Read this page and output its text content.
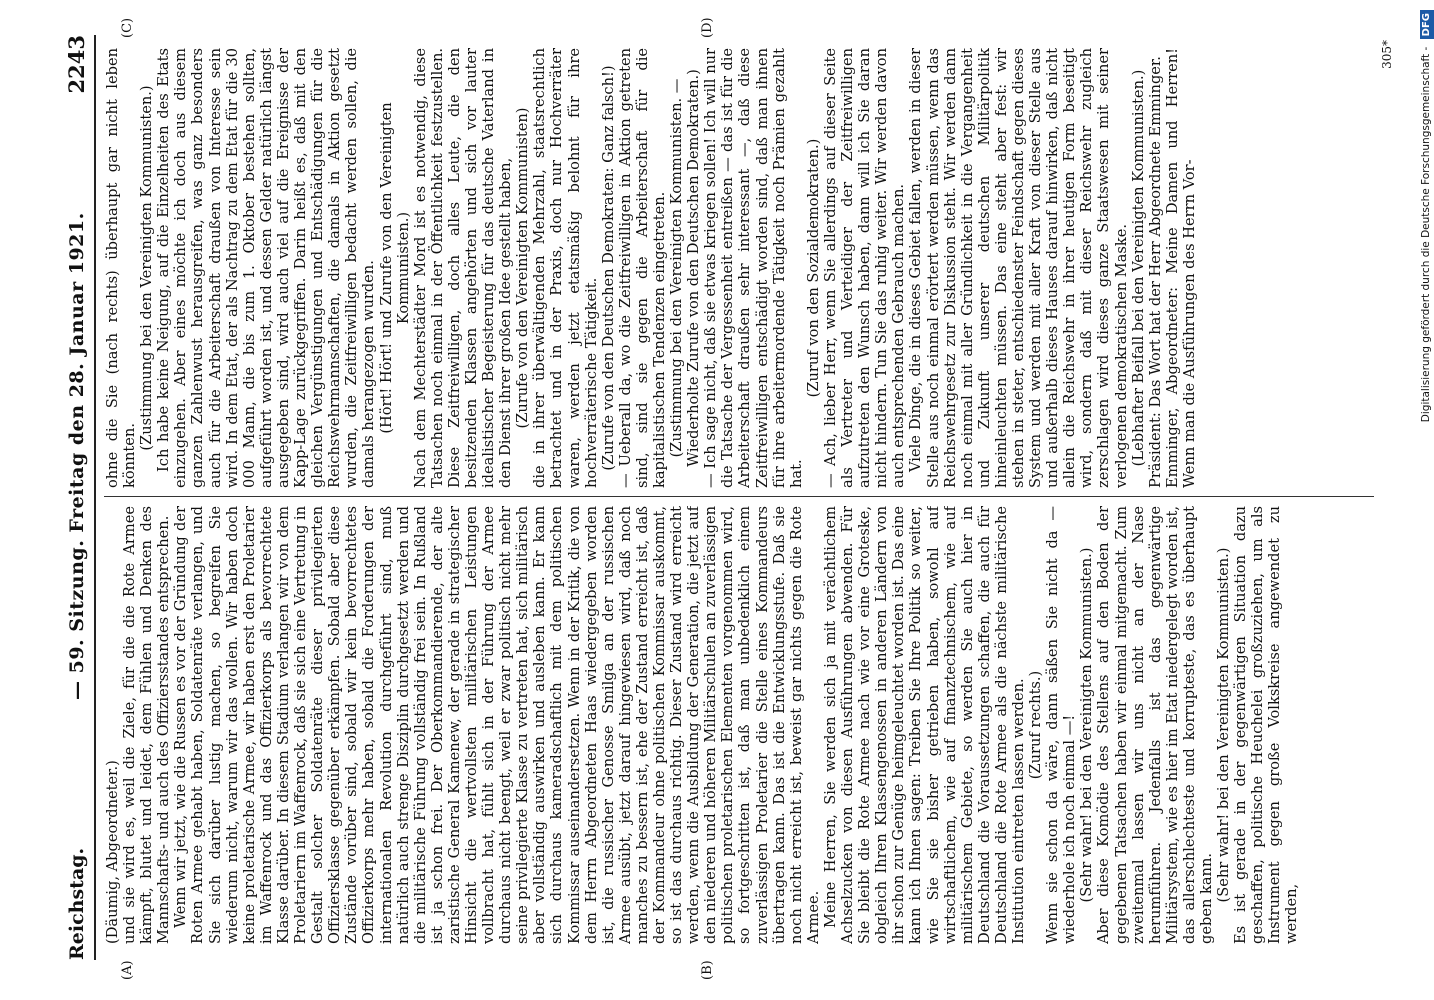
Reichstag.
— 59. Sitzung. Freitag den 28. Januar 1921.
2243
(A)	(B)
(C)	(D)

(Däumig, Abgeordneter.) und sie wird es, weil die Ziele, für die die Rote Armee kämpft, blutet und leidet, dem Fühlen und Denken des Mannschafts- und auch des Offiziersstandes entsprechen. Wenn wir jetzt, wie die Russen es vor der Gründung der Roten Armee gehabt haben, Soldatenräte verlangen, und Sie sich darüber lustig machen, so begreifen Sie wiederum nicht, warum wir das wollen. Wir haben doch keine proletarische Armee, wir haben erst den Proletarier im Waffenrock und das Offizierkorps als bevorrechtete Klasse darüber. In diesem Stadium verlangen wir von dem Proletariern im Waffenrock, daß sie sich eine Vertretung in Gestalt solcher Soldatenräte dieser privilegierten Offiziersklasse gegenüber erkämpfen. Sobald aber diese Zustände vorüber sind, sobald wir kein bevorrechtetes Offizierkorps mehr haben, sobald die Forderungen der internationalen Revolution durchgeführt sind, muß natürlich auch strenge Disziplin durchgesetzt werden und die militärische Führung vollständig frei sein. In Rußland ist ja schon frei. Der Oberkommandierende, der alte zaristische General Kamenew, der gerade in strategischer Hinsicht die wertvollsten militärischen Leistungen vollbracht hat, fühlt sich in der Führung der Armee durchaus nicht beengt, weil er zwar politisch nicht mehr seine privilegierte Klasse zu vertreten hat, sich militärisch aber vollständig auswirken und ausleben kann. Er kann sich durchaus kameradschaftlich mit dem politischen Kommissar auseinandersetzen. Wenn in der Kritik, die von dem Herrn Abgeordneten Haas wiedergegeben worden ist, die russischer Genosse Smilga an der russischen Armee ausübt, jetzt darauf hingewiesen wird, daß noch manches zu bessern ist, ehe der Zustand erreicht ist, daß der Kommandeur ohne politischen Kommissar auskommt, so ist das durchaus richtig. Dieser Zustand wird erreicht werden, wenn die Ausbildung der Generation, die jetzt auf den niederen und höheren Militärschulen an zuverlässigen politischen proletarischen Elementen vorgenommen wird, so fortgeschritten ist, daß man unbedenklich einem zuverlässigen Proletarier die Stelle eines Kommandeurs übertragen kann. Das ist die Entwicklungsstufe. Daß sie noch nicht erreicht ist, beweist gar nichts gegen die Rote Armee. Meine Herren, Sie werden sich ja mit verächtlichem Achselzucken von diesen Ausführungen abwenden. Für Sie bleibt die Rote Armee nach wie vor eine Groteske, obgleich Ihren Klassengenossen in anderen Ländern von ihr schon zur Genüge heimgeleuchtet worden ist. Das eine kann ich Ihnen sagen: Treiben Sie Ihre Politik so weiter, wie Sie sie bisher getrieben haben, sowohl auf wirtschaftlichem, wie auf finanztechnischem, wie auf militärischem Gebiete, so werden Sie auch hier in Deutschland die Voraussetzungen schaffen, die auch für Deutschland die Rote Armee als die nächste militärische Institution eintreten lassen werden. (Zuruf rechts.) Wenn sie schon da wäre, dann säßen Sie nicht da — wiederhole ich noch einmal —! (Sehr wahr! bei den Vereinigten Kommunisten.) Aber diese Komödie des Stellens auf den Boden der gegebenen Tatsachen haben wir einmal mitgemacht. Zum zweitenmal lassen wir uns nicht an der Nase herumführen. Jedenfalls ist das gegenwärtige Militärsystem, wie es hier im Etat niedergelegt worden ist, das allerschlechteste und korrupteste, das es überhaupt geben kann. (Sehr wahr! bei den Vereinigten Kommunisten.) Es ist gerade in der gegenwärtigen Situation dazu geschaffen, politische Heuchelei großzuziehen, um als Instrument gegen große Volkskreise angewendet zu werden,

ohne die Sie (nach rechts) überhaupt gar nicht leben könnten.

(Zustimmung bei den Vereinigten Kommunisten.) Ich habe keine Neigung, auf die Einzelheiten des Etats einzugehen. Aber eines möchte ich doch aus diesem ganzen Zahlenwust herausgreifen, was ganz besonders auch für die Arbeiterschaft draußen von Interesse sein wird. In dem Etat, der als Nachtrag zu dem Etat für die 30 000 Mann, die bis zum 1. Oktober bestehen sollten, aufgeführt worden ist, und dessen Gelder natürlich längst ausgegeben sind, wird auch viel auf die Ereignisse der Kapp-Lage zurückgegriffen. Darin heißt es, daß mit den gleichen Vergünstigungen und Entschädigungen für die Reichswehrmannschaften, die damals in Aktion gesetzt wurden, die Zeitfreiwilligen bedacht werden sollen, die damals herangezogen wurden. (Hört! Hört! und Zurufe von den Vereinigten Kommunisten.) Nach dem Mechterstädter Mord ist es notwendig, diese Tatsachen noch einmal in der Öffentlichkeit festzustellen. Diese Zeitfreiwilligen, doch alles Leute, die den besitzenden Klassen angehörten und sich vor lauter idealistischer Begeisterung für das deutsche Vaterland in den Dienst ihrer großen Idee gestellt haben, (Zurufe von den Vereinigten Kommunisten) die in ihrer überwältigenden Mehrzahl, staatsrechtlich betrachtet und in der Praxis, doch nur Hochverräter waren, werden jetzt etatsmäßig belohnt für ihre hochverräterische Tätigkeit. (Zurufe von den Deutschen Demokraten: Ganz falsch!) — Ueberall da, wo die Zeitfreiwilligen in Aktion getreten sind, sind sie gegen die Arbeiterschaft für die kapitalistischen Tendenzen eingetreten. (Zustimmung bei den Vereinigten Kommunisten. — Wiederholte Zurufe von den Deutschen Demokraten.) — Ich sage nicht, daß sie etwas kriegen sollen! Ich will nur die Tatsache der Vergessenheit entreißen — das ist für die Arbeiterschaft draußen sehr interessant —, daß diese Zeitfreiwilligen entschädigt worden sind, daß man ihnen für ihre arbeitermordende Tätigkeit noch Prämien gezahlt hat.

(Zuruf von den Sozialdemokraten.) — Ach, lieber Herr, wenn Sie allerdings auf dieser Seite als Vertreter und Verteidiger der Zeitfreiwilligen aufzutreten den Wunsch haben, dann will ich Sie daran nicht hindern. Tun Sie das ruhig weiter. Wir werden davon auch entsprechenden Gebrauch machen. Viele Dinge, die in dieses Gebiet fallen, werden in dieser Stelle aus noch einmal erörtert werden müssen, wenn das Reichswehrgesetz zur Diskussion steht. Wir werden dann noch einmal mit aller Gründlichkeit in die Vergangenheit und Zukunft unserer deutschen Militärpolitik hineinleuchten müssen. Das eine steht aber fest: wir stehen in steter, entschiedenster Feindschaft gegen dieses System und werden mit aller Kraft von dieser Stelle aus und außerhalb dieses Hauses darauf hinwirken, daß nicht allein die Reichswehr in ihrer heutigen Form beseitigt wird, sondern daß mit dieser Reichswehr zugleich zerschlagen wird dieses ganze Staatswesen mit seiner verlogenen demokratischen Maske. (Lebhafter Beifall bei den Vereinigten Kommunisten.) Präsident: Das Wort hat der Herr Abgeordnete Emminger. Emminger, Abgeordneter: Meine Damen und Herren! Wenn man die Ausführungen des Herrn Vor-

305*	Digitalisierung gefördert durch die Deutsche Forschungsgemeinschaft - DFG
